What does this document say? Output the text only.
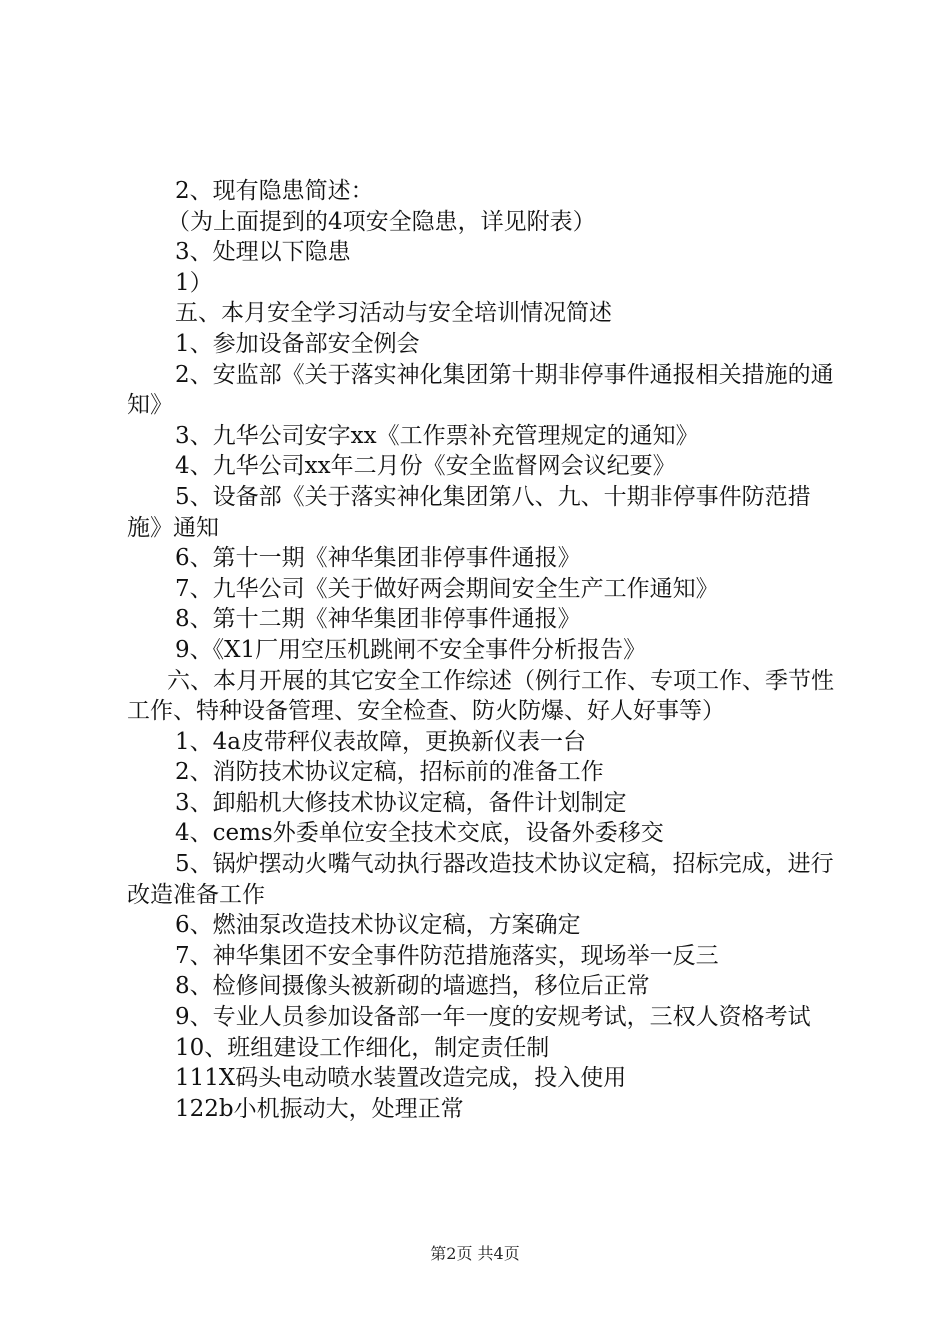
2、现有隐患简述：

（为上面提到的4项安全隐患，详见附表）

3、处理以下隐患

1）

五、本月安全学习活动与安全培训情况简述

1、参加设备部安全例会

2、安监部《关于落实神化集团第十期非停事件通报相关措施的通知》

3、九华公司安字xx《工作票补充管理规定的通知》

4、九华公司xx年二月份《安全监督网会议纪要》

5、设备部《关于落实神化集团第八、九、十期非停事件防范措施》通知

6、第十一期《神华集团非停事件通报》

7、九华公司《关于做好两会期间安全生产工作通知》

8、第十二期《神华集团非停事件通报》

9、《X1厂用空压机跳闸不安全事件分析报告》

六、本月开展的其它安全工作综述（例行工作、专项工作、季节性工作、特种设备管理、安全检查、防火防爆、好人好事等）

1、4a皮带秤仪表故障，更换新仪表一台

2、消防技术协议定稿，招标前的准备工作

3、卸船机大修技术协议定稿，备件计划制定

4、cems外委单位安全技术交底，设备外委移交

5、锅炉摆动火嘴气动执行器改造技术协议定稿，招标完成，进行改造准备工作

6、燃油泵改造技术协议定稿，方案确定

7、神华集团不安全事件防范措施落实，现场举一反三

8、检修间摄像头被新砌的墙遮挡，移位后正常

9、专业人员参加设备部一年一度的安规考试，三权人资格考试

10、班组建设工作细化，制定责任制

111X码头电动喷水装置改造完成，投入使用

122b小机振动大，处理正常

第2页 共4页
